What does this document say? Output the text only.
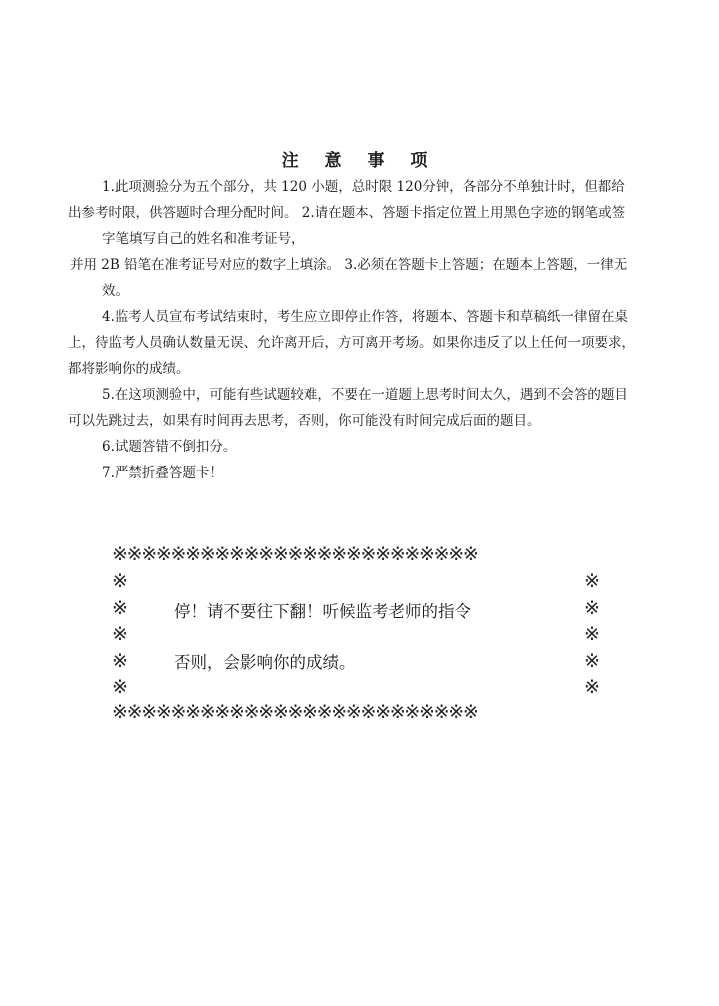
注 意 事 项
1.此项测验分为五个部分，共 120 小题，总时限 120分钟，各部分不单独计时，但都给
出参考时限，供答题时合理分配时间。 2.请在题本、答题卡指定位置上用黑色字迹的钢笔或签
字笔填写自己的姓名和准考证号，
并用 2B 铅笔在准考证号对应的数字上填涂。 3.必须在答题卡上答题；在题本上答题，一律无
效。
4.监考人员宣布考试结束时，考生应立即停止作答，将题本、答题卡和草稿纸一律留在桌
上，待监考人员确认数量无误、允许离开后，方可离开考场。如果你违反了以上任何一项要求，
都将影响你的成绩。
5.在这项测验中，可能有些试题较难，不要在一道题上思考时间太久，遇到不会答的题目
可以先跳过去，如果有时间再去思考，否则，你可能没有时间完成后面的题目。
6.试题答错不倒扣分。
7.严禁折叠答题卡！
※※※※※※※※※※※※※※※※※※※※※※※※※
※
※
※
※
※
※
※
※
※
※
停！请不要往下翻！听候监考老师的指令
否则，会影响你的成绩。
※※※※※※※※※※※※※※※※※※※※※※※※※
